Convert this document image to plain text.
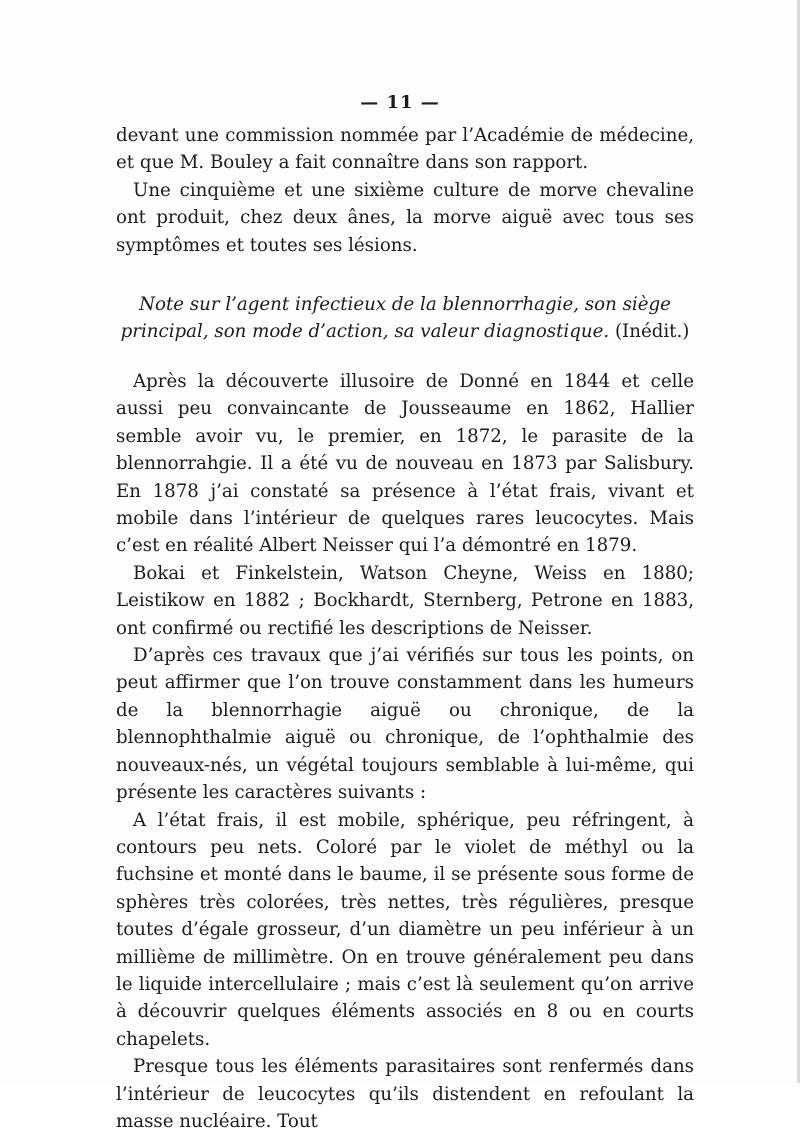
— 11 —

devant une commission nommée par l’Académie de médecine, et que M. Bouley a fait connaître dans son rapport.

Une cinquième et une sixième culture de morve chevaline ont produit, chez deux ânes, la morve aiguë avec tous ses symptômes et toutes ses lésions.

Note sur l’agent infectieux de la blennorrhagie, son siège principal, son mode d’action, sa valeur diagnostique. (Inédit.)

Après la découverte illusoire de Donné en 1844 et celle aussi peu convaincante de Jousseaume en 1862, Hallier semble avoir vu, le premier, en 1872, le parasite de la blennorrahgie. Il a été vu de nouveau en 1873 par Salisbury. En 1878 j’ai constaté sa présence à l’état frais, vivant et mobile dans l’intérieur de quelques rares leucocytes. Mais c’est en réalité Albert Neisser qui l’a démontré en 1879.

Bokai et Finkelstein, Watson Cheyne, Weiss en 1880; Leistikow en 1882 ; Bockhardt, Sternberg, Petrone en 1883, ont confirmé ou rectifié les descriptions de Neisser.

D’après ces travaux que j’ai vérifiés sur tous les points, on peut affirmer que l’on trouve constamment dans les humeurs de la blennorrhagie aiguë ou chronique, de la blennophthalmie aiguë ou chronique, de l’ophthalmie des nouveaux-nés, un végétal toujours semblable à lui-même, qui présente les caractères suivants :

A l’état frais, il est mobile, sphérique, peu réfringent, à contours peu nets. Coloré par le violet de méthyl ou la fuchsine et monté dans le baume, il se présente sous forme de sphères très colorées, très nettes, très régulières, presque toutes d’égale grosseur, d’un diamètre un peu inférieur à un millième de millimètre. On en trouve généralement peu dans le liquide intercellulaire ; mais c’est là seulement qu’on arrive à découvrir quelques éléments associés en 8 ou en courts chapelets.

Presque tous les éléments parasitaires sont renfermés dans l’intérieur de leucocytes qu’ils distendent en refoulant la masse nucléaire. Tout
